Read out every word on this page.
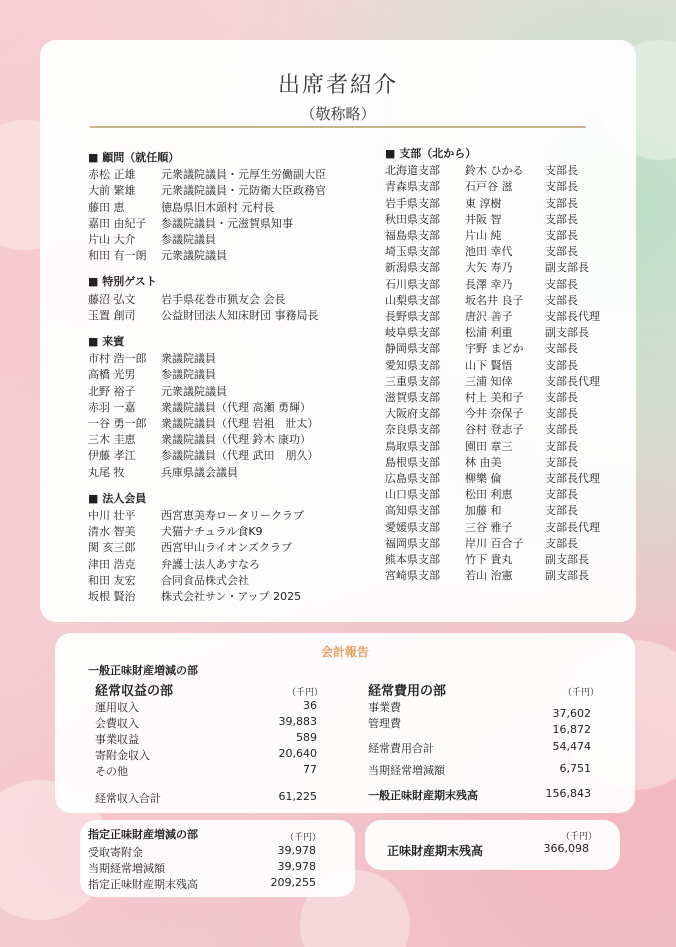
出席者紹介
（敬称略）
■ 顧問（就任順）
赤松 正雄	元衆議院議員・元厚生労働副大臣
大前 繁雄	元衆議院議員・元防衛大臣政務官
藤田 恵	徳島県旧木頭村 元村長
嘉田 由紀子	参議院議員・元滋賀県知事
片山 大介	参議院議員
和田 有一朗	元衆議院議員
■ 特別ゲスト
藤沼 弘文	岩手県花巻市猟友会 会長
玉置 創司	公益財団法人知床財団 事務局長
■ 来賓
市村 浩一郎	衆議院議員
高橋 光男	参議院議員
北野 裕子	元衆議院議員
赤羽 一嘉	衆議院議員（代理 高瀬 勇輝）
一谷 勇一郎	衆議院議員（代理 岩祖　壯太）
三木 圭恵	衆議院議員（代理 鈴木 康功）
伊藤 孝江	参議院議員（代理 武田　朋久）
丸尾 牧	兵庫県議会議員
■ 法人会員
中川 壮平	西宮恵美寿ロータリークラブ
清水 智美	犬猫ナチュラル食K9
関 亥三郎	西宮甲山ライオンズクラブ
津田 浩克	弁護士法人あすなろ
和田 友宏	合同食品株式会社
坂根 賢治	株式会社サン・アップ 2025
■ 支部（北から）
北海道支部	鈴木 ひかる	支部長
青森県支部	石戸谷 滋	支部長
岩手県支部	東 淳樹	支部長
秋田県支部	井阪 智	支部長
福島県支部	片山 純	支部長
埼玉県支部	池田 幸代	支部長
新潟県支部	大矢 寿乃	副支部長
石川県支部	長澤 幸乃	支部長
山梨県支部	坂名井 良子	支部長
長野県支部	唐沢 善子	支部長代理
岐阜県支部	松浦 利重	副支部長
静岡県支部	宇野 まどか	支部長
愛知県支部	山下 賢悟	支部長
三重県支部	三浦 知倖	支部長代理
滋賀県支部	村上 美和子	支部長
大阪府支部	今井 奈保子	支部長
奈良県支部	谷村 登志子	支部長
鳥取県支部	園田 章三	支部長
島根県支部	林 由美	支部長
広島県支部	柳樂 倫	支部長代理
山口県支部	松田 利恵	支部長
高知県支部	加藤 和	支部長
愛媛県支部	三谷 雅子	支部長代理
福岡県支部	岸川 百合子	支部長
熊本県支部	竹下 貴丸	副支部長
宮崎県支部	若山 治憲	副支部長
会計報告
一般正味財産増減の部
経常収益の部	（千円）
運用収入	36
会費収入	39,883
事業収益	589
寄附金収入	20,640
その他	77
経常収入合計	61,225
経常費用の部	（千円）
事業費	37,602
管理費	16,872
経常費用合計	54,474
当期経常増減額	6,751
一般正味財産期末残高	156,843
指定正味財産増減の部	（千円）
受取寄附金	39,978
当期経常増減額	39,978
指定正味財産期末残高	209,255
（千円）
正味財産期末残高	366,098
